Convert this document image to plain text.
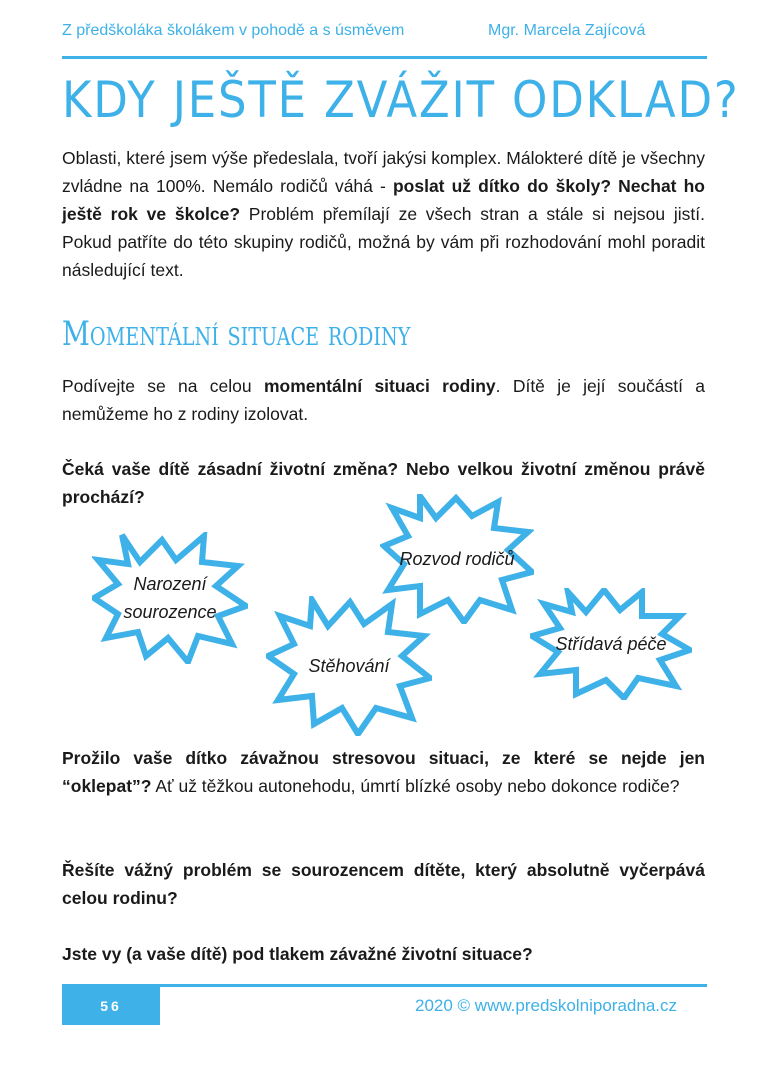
Z předškoláka školákem v pohodě a s úsměvem	Mgr. Marcela Zajícová
KDY JEŠTĚ ZVÁŽIT ODKLAD?

Oblasti, které jsem výše předeslala, tvoří jakýsi komplex. Málokteré dítě je všechny zvládne na 100%. Nemálo rodičů váhá - poslat už dítko do školy? Nechat ho ještě rok ve školce? Problém přemílají ze všech stran a stále si nejsou jistí. Pokud patříte do této skupiny rodičů, možná by vám při rozhodování mohl poradit následující text.

Momentální situace rodiny

Podívejte se na celou momentální situaci rodiny. Dítě je její součástí a nemůžeme ho z rodiny izolovat.

Čeká vaše dítě zásadní životní změna? Nebo velkou životní změnou právě prochází?

Narození sourozence
Rozvod rodičů
Stěhování
Střídavá péče

Prožilo vaše dítko závažnou stresovou situaci, ze které se nejde jen “oklepat”? Ať už těžkou autonehodu, úmrtí blízké osoby nebo dokonce rodiče?

Řešíte vážný problém se sourozencem dítěte, který absolutně vyčerpává celou rodinu?

Jste vy (a vaše dítě) pod tlakem závažné životní situace?

56	2020 © www.predskolniporadna.cz
